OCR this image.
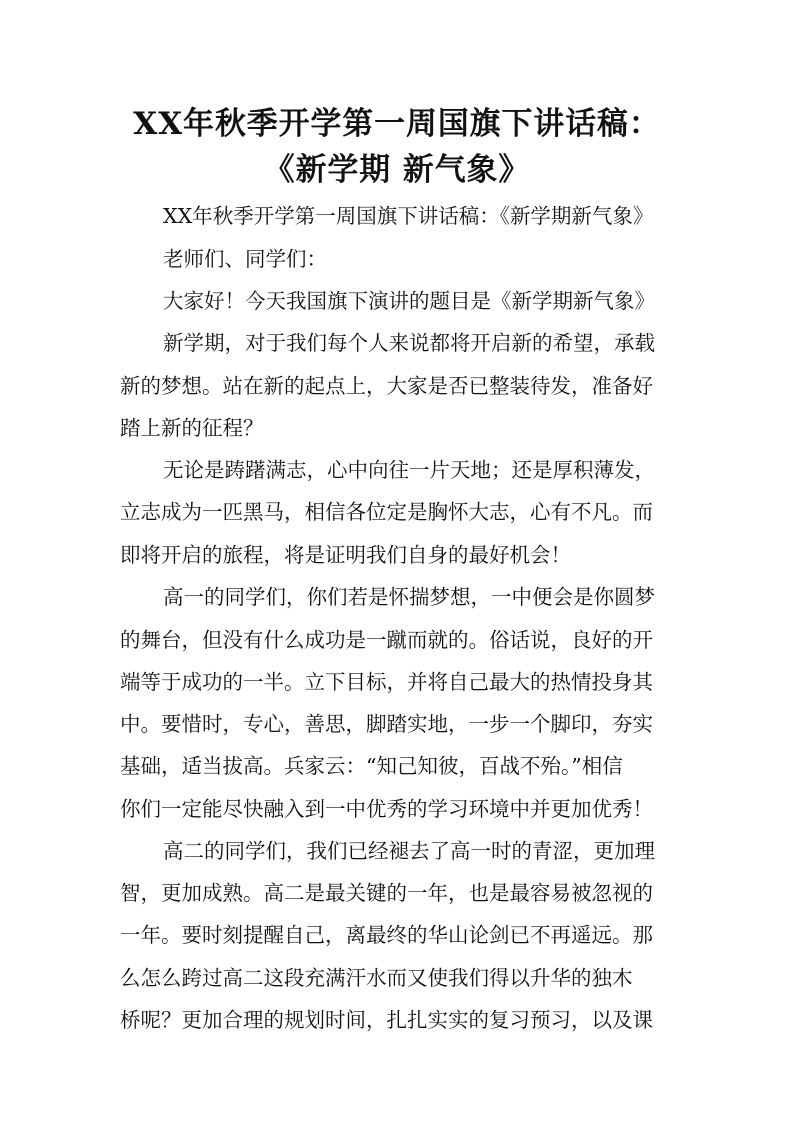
XX年秋季开学第一周国旗下讲话稿：
《新学期 新气象》

XX年秋季开学第一周国旗下讲话稿：《新学期新气象》

老师们、同学们：

大家好！今天我国旗下演讲的题目是《新学期新气象》

新学期，对于我们每个人来说都将开启新的希望，承载

新的梦想。站在新的起点上，大家是否已整装待发，准备好

踏上新的征程？

无论是踌躇满志，心中向往一片天地；还是厚积薄发，

立志成为一匹黑马，相信各位定是胸怀大志，心有不凡。而

即将开启的旅程，将是证明我们自身的最好机会！

高一的同学们，你们若是怀揣梦想，一中便会是你圆梦

的舞台，但没有什么成功是一蹴而就的。俗话说，良好的开

端等于成功的一半。立下目标，并将自己最大的热情投身其

中。要惜时，专心，善思，脚踏实地，一步一个脚印，夯实

基础，适当拔高。兵家云：“知己知彼，百战不殆。”相信

你们一定能尽快融入到一中优秀的学习环境中并更加优秀！

高二的同学们，我们已经褪去了高一时的青涩，更加理

智，更加成熟。高二是最关键的一年，也是最容易被忽视的

一年。要时刻提醒自己，离最终的华山论剑已不再遥远。那

么怎么跨过高二这段充满汗水而又使我们得以升华的独木

桥呢？更加合理的规划时间，扎扎实实的复习预习，以及课
